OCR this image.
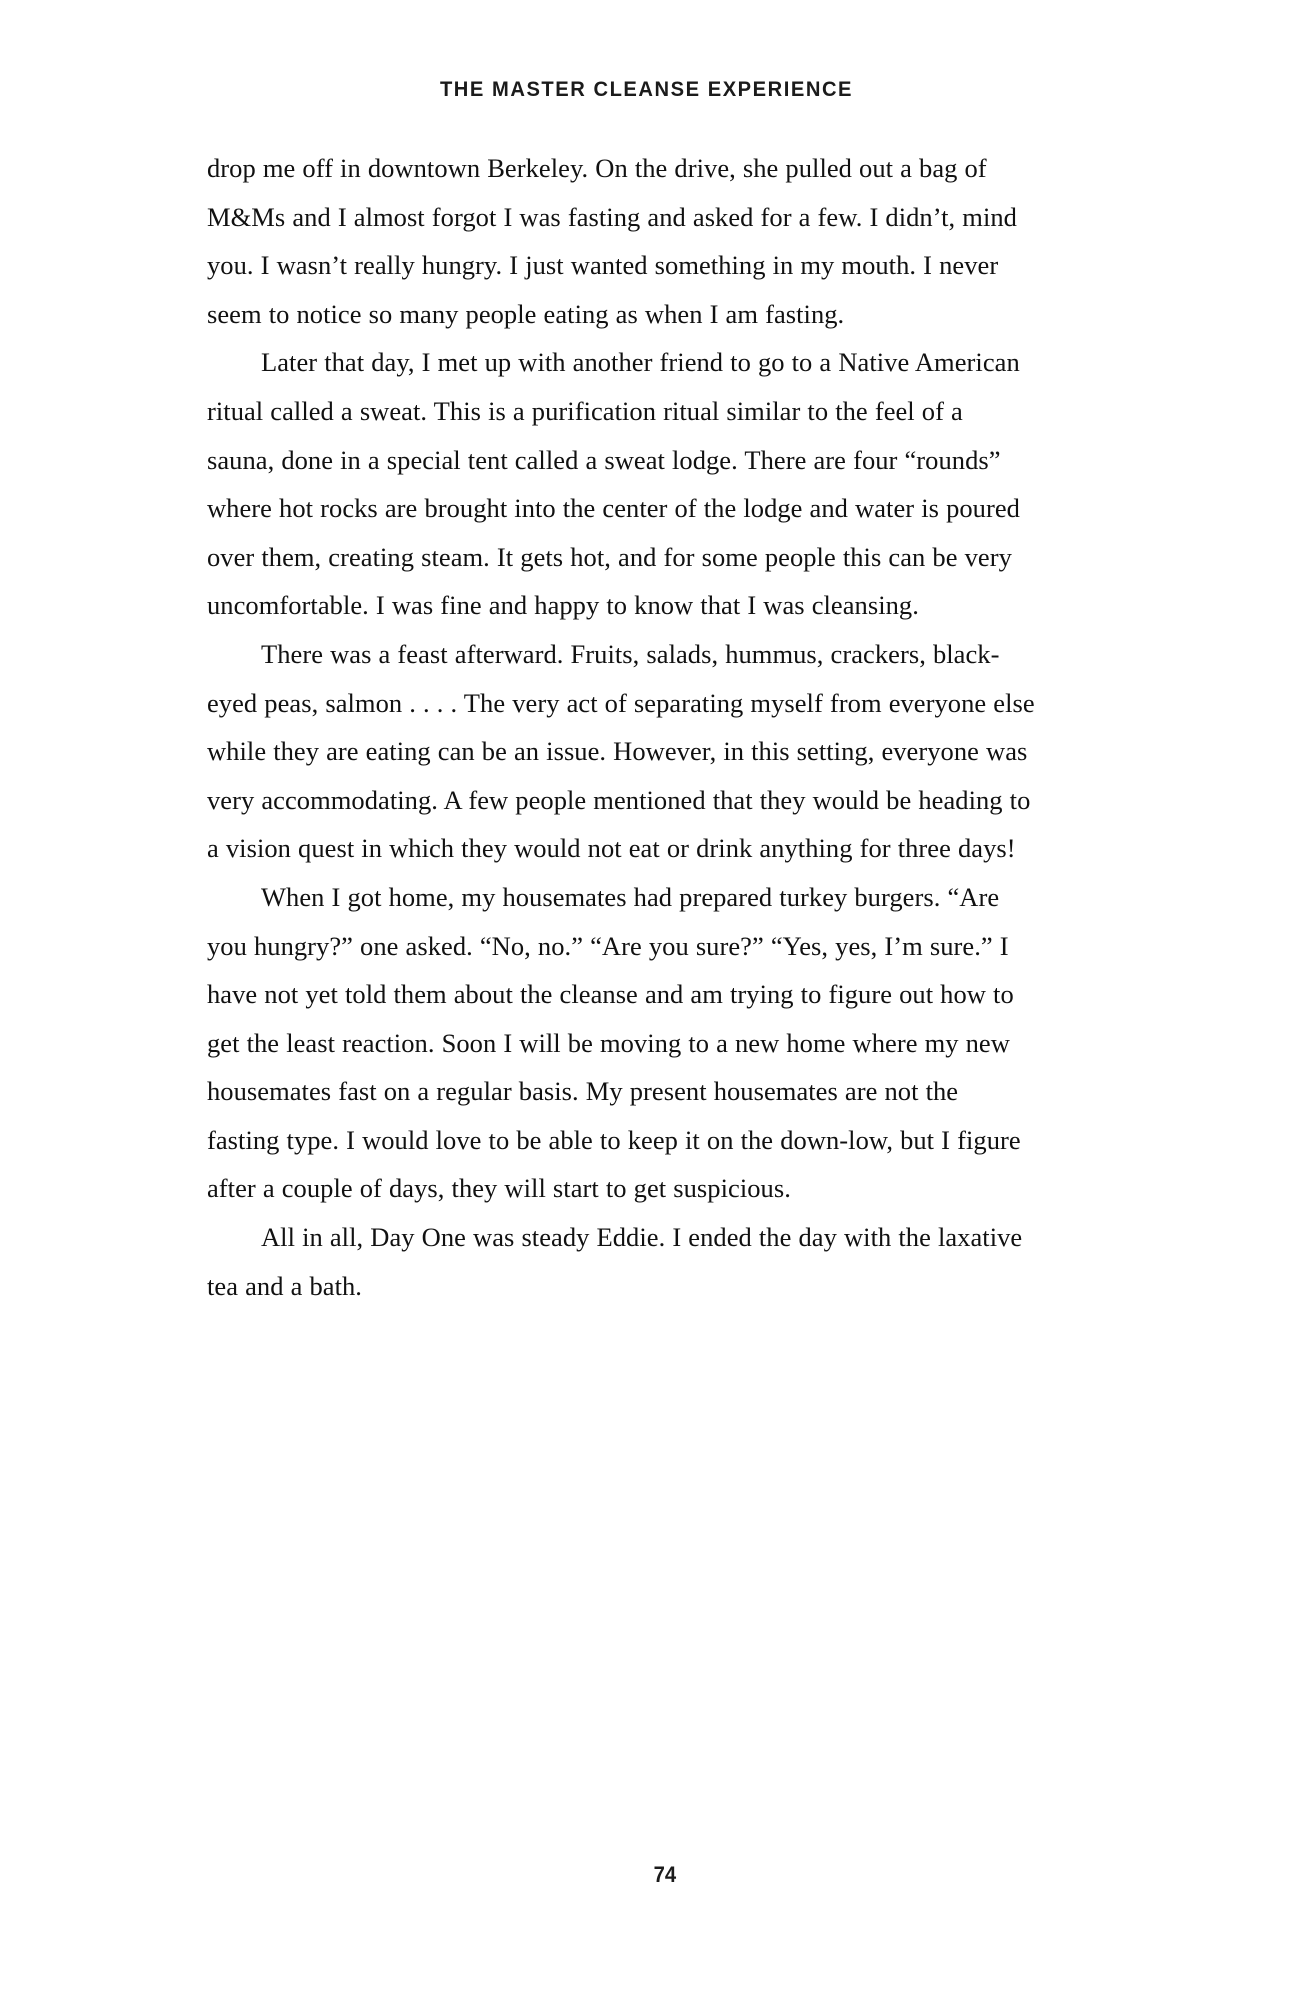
THE MASTER CLEANSE EXPERIENCE

drop me off in downtown Berkeley. On the drive, she pulled out a bag of M&Ms and I almost forgot I was fasting and asked for a few. I didn’t, mind you. I wasn’t really hungry. I just wanted something in my mouth. I never seem to notice so many people eating as when I am fasting.

Later that day, I met up with another friend to go to a Native American ritual called a sweat. This is a purification ritual similar to the feel of a sauna, done in a special tent called a sweat lodge. There are four “rounds” where hot rocks are brought into the center of the lodge and water is poured over them, creating steam. It gets hot, and for some people this can be very uncomfortable. I was fine and happy to know that I was cleansing.

There was a feast afterward. Fruits, salads, hummus, crackers, black-eyed peas, salmon . . . . The very act of separating myself from everyone else while they are eating can be an issue. However, in this setting, everyone was very accommodating. A few people mentioned that they would be heading to a vision quest in which they would not eat or drink anything for three days!

When I got home, my housemates had prepared turkey burgers. “Are you hungry?” one asked. “No, no.” “Are you sure?” “Yes, yes, I’m sure.” I have not yet told them about the cleanse and am trying to figure out how to get the least reaction. Soon I will be moving to a new home where my new housemates fast on a regular basis. My present housemates are not the fasting type. I would love to be able to keep it on the down-low, but I figure after a couple of days, they will start to get suspicious.

All in all, Day One was steady Eddie. I ended the day with the laxative tea and a bath.

74
